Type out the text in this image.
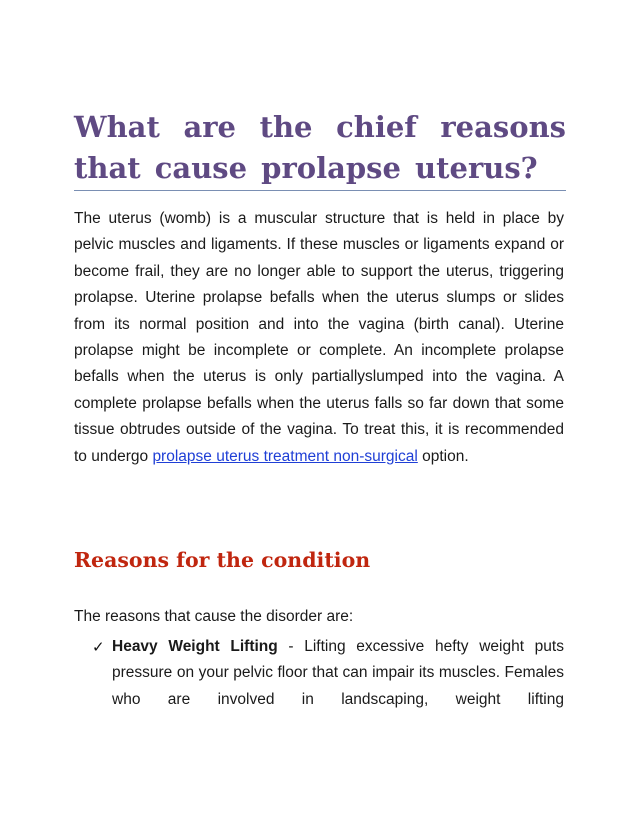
What are the chief reasons that cause prolapse uterus?

The uterus (womb) is a muscular structure that is held in place by pelvic muscles and ligaments. If these muscles or ligaments expand or become frail, they are no longer able to support the uterus, triggering prolapse. Uterine prolapse befalls when the uterus slumps or slides from its normal position and into the vagina (birth canal). Uterine prolapse might be incomplete or complete. An incomplete prolapse befalls when the uterus is only partiallyslumped into the vagina. A complete prolapse befalls when the uterus falls so far down that some tissue obtrudes outside of the vagina. To treat this, it is recommended to undergo prolapse uterus treatment non-surgical option.

Reasons for the condition

The reasons that cause the disorder are:

✓ Heavy Weight Lifting - Lifting excessive hefty weight puts pressure on your pelvic floor that can impair its muscles. Females who are involved in landscaping, weight lifting
